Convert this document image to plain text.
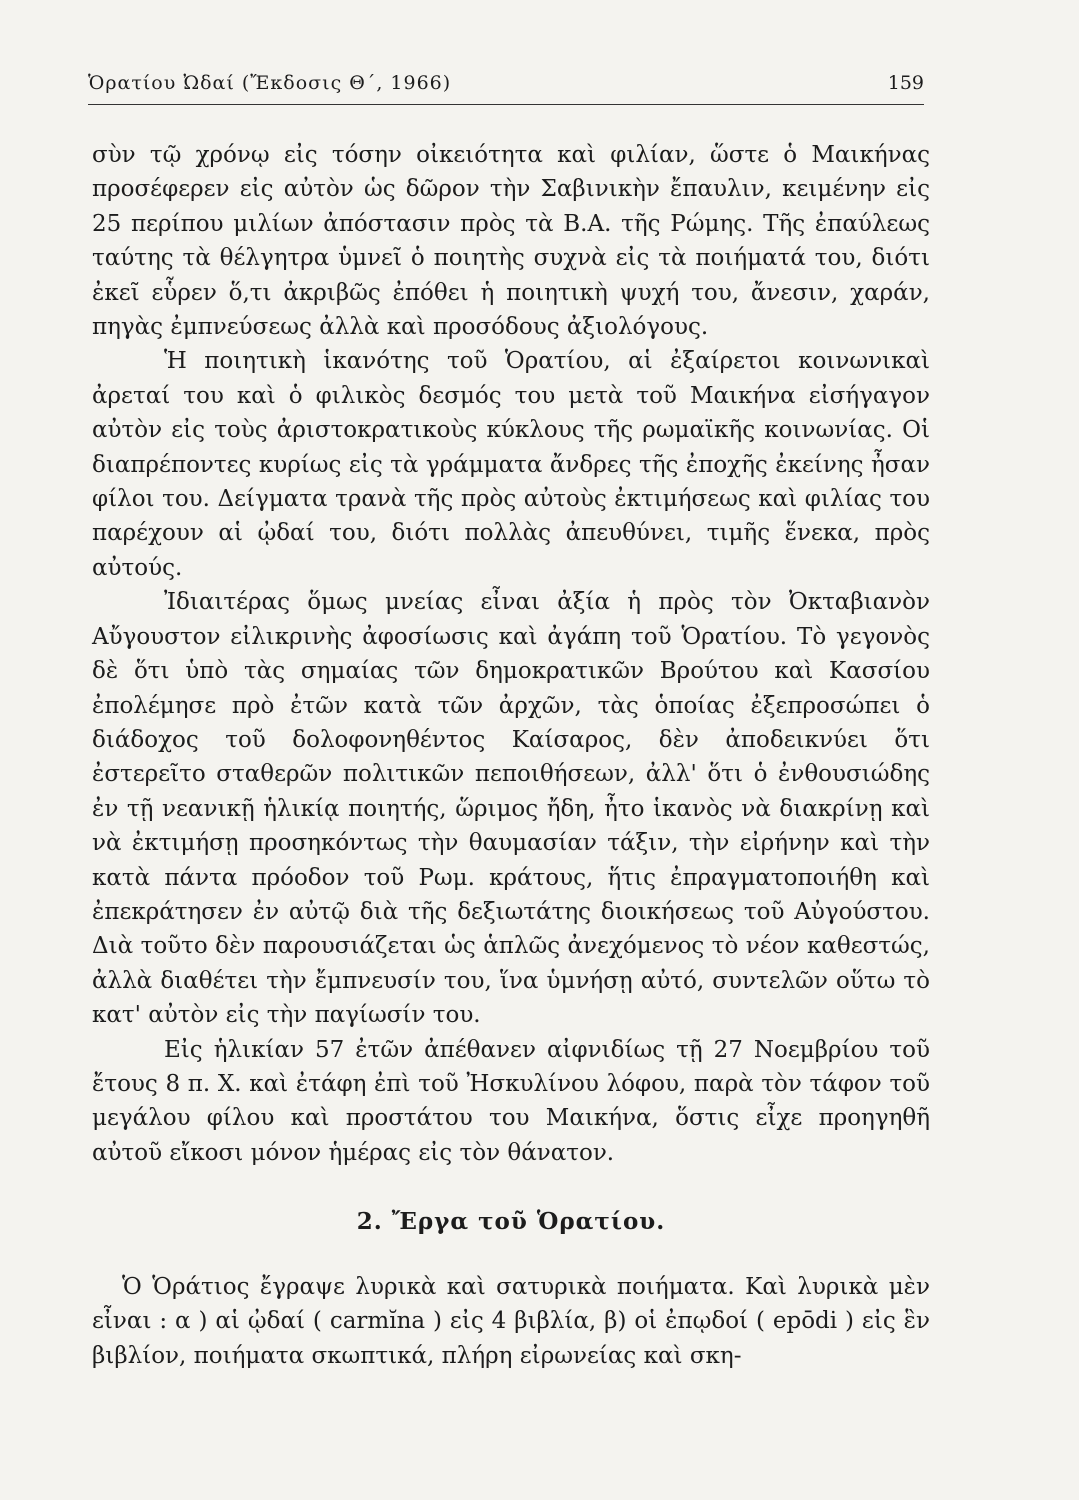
Ὁρατίου Ὠδαί (Ἔκδοσις Θ΄, 1966)	159

σὺν τῷ χρόνῳ εἰς τόσην οἰκειότητα καὶ φιλίαν, ὥστε ὁ Μαικήνας προσέφερεν εἰς αὐτὸν ὡς δῶρον τὴν Σαβινικὴν ἔπαυλιν, κειμένην εἰς 25 περίπου μιλίων ἀπόστασιν πρὸς τὰ Β.Α. τῆς Ρώμης. Τῆς ἐπαύλεως ταύτης τὰ θέλγητρα ὑμνεῖ ὁ ποιητὴς συχνὰ εἰς τὰ ποιήματά του, διότι ἐκεῖ εὗρεν ὅ,τι ἀκριβῶς ἐπόθει ἡ ποιητικὴ ψυχή του, ἄνεσιν, χαράν, πηγὰς ἐμπνεύσεως ἀλλὰ καὶ προσόδους ἀξιολόγους.

Ἡ ποιητικὴ ἱκανότης τοῦ Ὁρατίου, αἱ ἐξαίρετοι κοινωνικαὶ ἀρεταί του καὶ ὁ φιλικὸς δεσμός του μετὰ τοῦ Μαικήνα εἰσήγαγον αὐτὸν εἰς τοὺς ἀριστοκρατικοὺς κύκλους τῆς ρωμαϊκῆς κοινωνίας. Οἱ διαπρέποντες κυρίως εἰς τὰ γράμματα ἄνδρες τῆς ἐποχῆς ἐκείνης ἦσαν φίλοι του. Δείγματα τρανὰ τῆς πρὸς αὐτοὺς ἐκτιμήσεως καὶ φιλίας του παρέχουν αἱ ᾠδαί του, διότι πολλὰς ἀπευθύνει, τιμῆς ἕνεκα, πρὸς αὐτούς.

Ἰδιαιτέρας ὅμως μνείας εἶναι ἀξία ἡ πρὸς τὸν Ὀκταβιανὸν Αὔγουστον εἰλικρινὴς ἀφοσίωσις καὶ ἀγάπη τοῦ Ὁρατίου. Τὸ γεγονὸς δὲ ὅτι ὑπὸ τὰς σημαίας τῶν δημοκρατικῶν Βρούτου καὶ Κασσίου ἐπολέμησε πρὸ ἐτῶν κατὰ τῶν ἀρχῶν, τὰς ὁποίας ἐξεπροσώπει ὁ διάδοχος τοῦ δολοφονηθέντος Καίσαρος, δὲν ἀποδεικνύει ὅτι ἐστερεῖτο σταθερῶν πολιτικῶν πεποιθήσεων, ἀλλ' ὅτι ὁ ἐνθουσιώδης ἐν τῇ νεανικῇ ἡλικίᾳ ποιητής, ὥριμος ἤδη, ἦτο ἱκανὸς νὰ διακρίνῃ καὶ νὰ ἐκτιμήσῃ προσηκόντως τὴν θαυμασίαν τάξιν, τὴν εἰρήνην καὶ τὴν κατὰ πάντα πρόοδον τοῦ Ρωμ. κράτους, ἥτις ἐπραγματοποιήθη καὶ ἐπεκράτησεν ἐν αὐτῷ διὰ τῆς δεξιωτάτης διοικήσεως τοῦ Αὐγούστου. Διὰ τοῦτο δὲν παρουσιάζεται ὡς ἁπλῶς ἀνεχόμενος τὸ νέον καθεστώς, ἀλλὰ διαθέτει τὴν ἔμπνευσίν του, ἵνα ὑμνήσῃ αὐτό, συντελῶν οὕτω τὸ κατ' αὐτὸν εἰς τὴν παγίωσίν του.

Εἰς ἡλικίαν 57 ἐτῶν ἀπέθανεν αἰφνιδίως τῇ 27 Νοεμβρίου τοῦ ἔτους 8 π. Χ. καὶ ἐτάφη ἐπὶ τοῦ Ἠσκυλίνου λόφου, παρὰ τὸν τάφον τοῦ μεγάλου φίλου καὶ προστάτου του Μαικήνα, ὅστις εἶχε προηγηθῆ αὐτοῦ εἴκοσι μόνον ἡμέρας εἰς τὸν θάνατον.

2. Ἔργα τοῦ Ὁρατίου.

Ὁ Ὁράτιος ἔγραψε λυρικὰ καὶ σατυρικὰ ποιήματα. Καὶ λυρικὰ μὲν εἶναι : α ) αἱ ᾠδαί ( carmĭna ) εἰς 4 βιβλία, β) οἱ ἐπῳδοί ( epōdi ) εἰς ἓν βιβλίον, ποιήματα σκωπτικά, πλήρη εἰρωνείας καὶ σκη-
